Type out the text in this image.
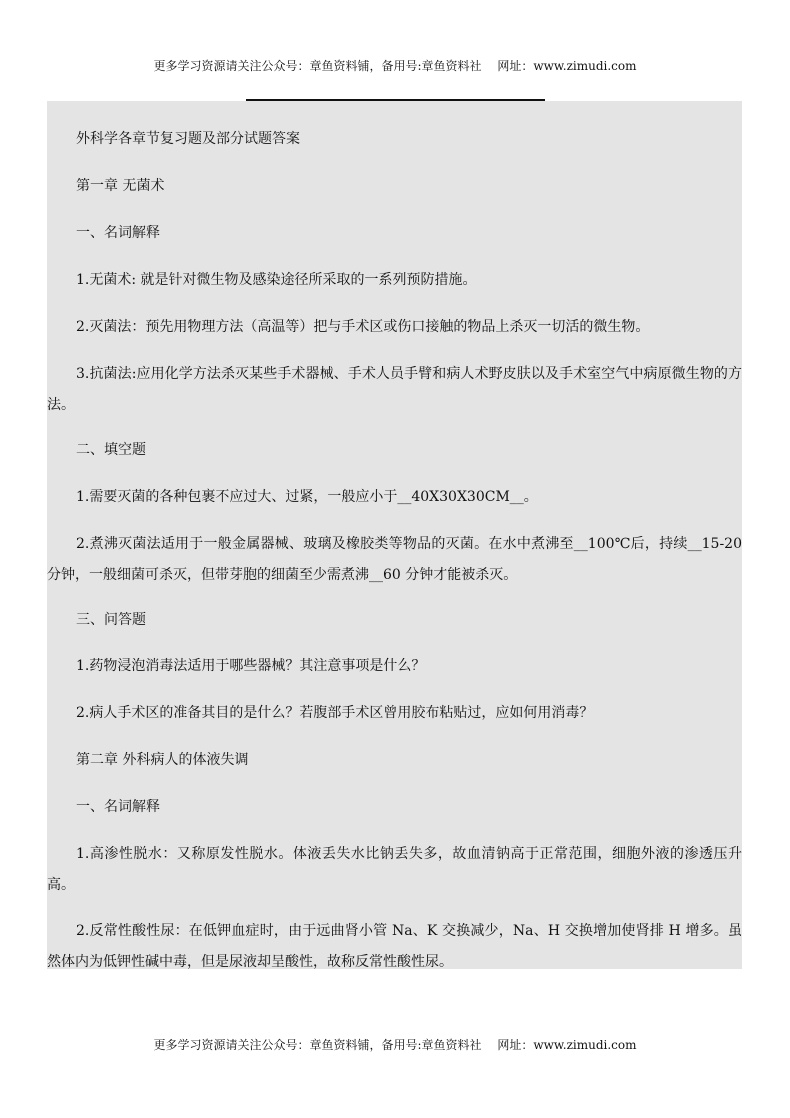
更多学习资源请关注公众号：章鱼资料铺，备用号:章鱼资料社　 网址：www.zimudi.com

外科学各章节复习题及部分试题答案

第一章 无菌术

一、名词解释

1.无菌术: 就是针对微生物及感染途径所采取的一系列预防措施。

2.灭菌法：预先用物理方法（高温等）把与手术区或伤口接触的物品上杀灭一切活的微生物。

3.抗菌法:应用化学方法杀灭某些手术器械、手术人员手臂和病人术野皮肤以及手术室空气中病原微生物的方法。

二、填空题

1.需要灭菌的各种包裹不应过大、过紧，一般应小于__40X30X30CM__。

2.煮沸灭菌法适用于一般金属器械、玻璃及橡胶类等物品的灭菌。在水中煮沸至__100℃后，持续__15-20 分钟，一般细菌可杀灭，但带芽胞的细菌至少需煮沸__60 分钟才能被杀灭。

三、问答题

1.药物浸泡消毒法适用于哪些器械？其注意事项是什么？

2.病人手术区的准备其目的是什么？若腹部手术区曾用胶布粘贴过，应如何用消毒？

第二章 外科病人的体液失调

一、名词解释

1.高渗性脱水：又称原发性脱水。体液丢失水比钠丢失多，故血清钠高于正常范围，细胞外液的渗透压升高。

2.反常性酸性尿：在低钾血症时，由于远曲肾小管 Na、K 交换减少，Na、H 交换增加使肾排 H 增多。虽然体内为低钾性碱中毒，但是尿液却呈酸性，故称反常性酸性尿。

更多学习资源请关注公众号：章鱼资料铺，备用号:章鱼资料社　 网址：www.zimudi.com
